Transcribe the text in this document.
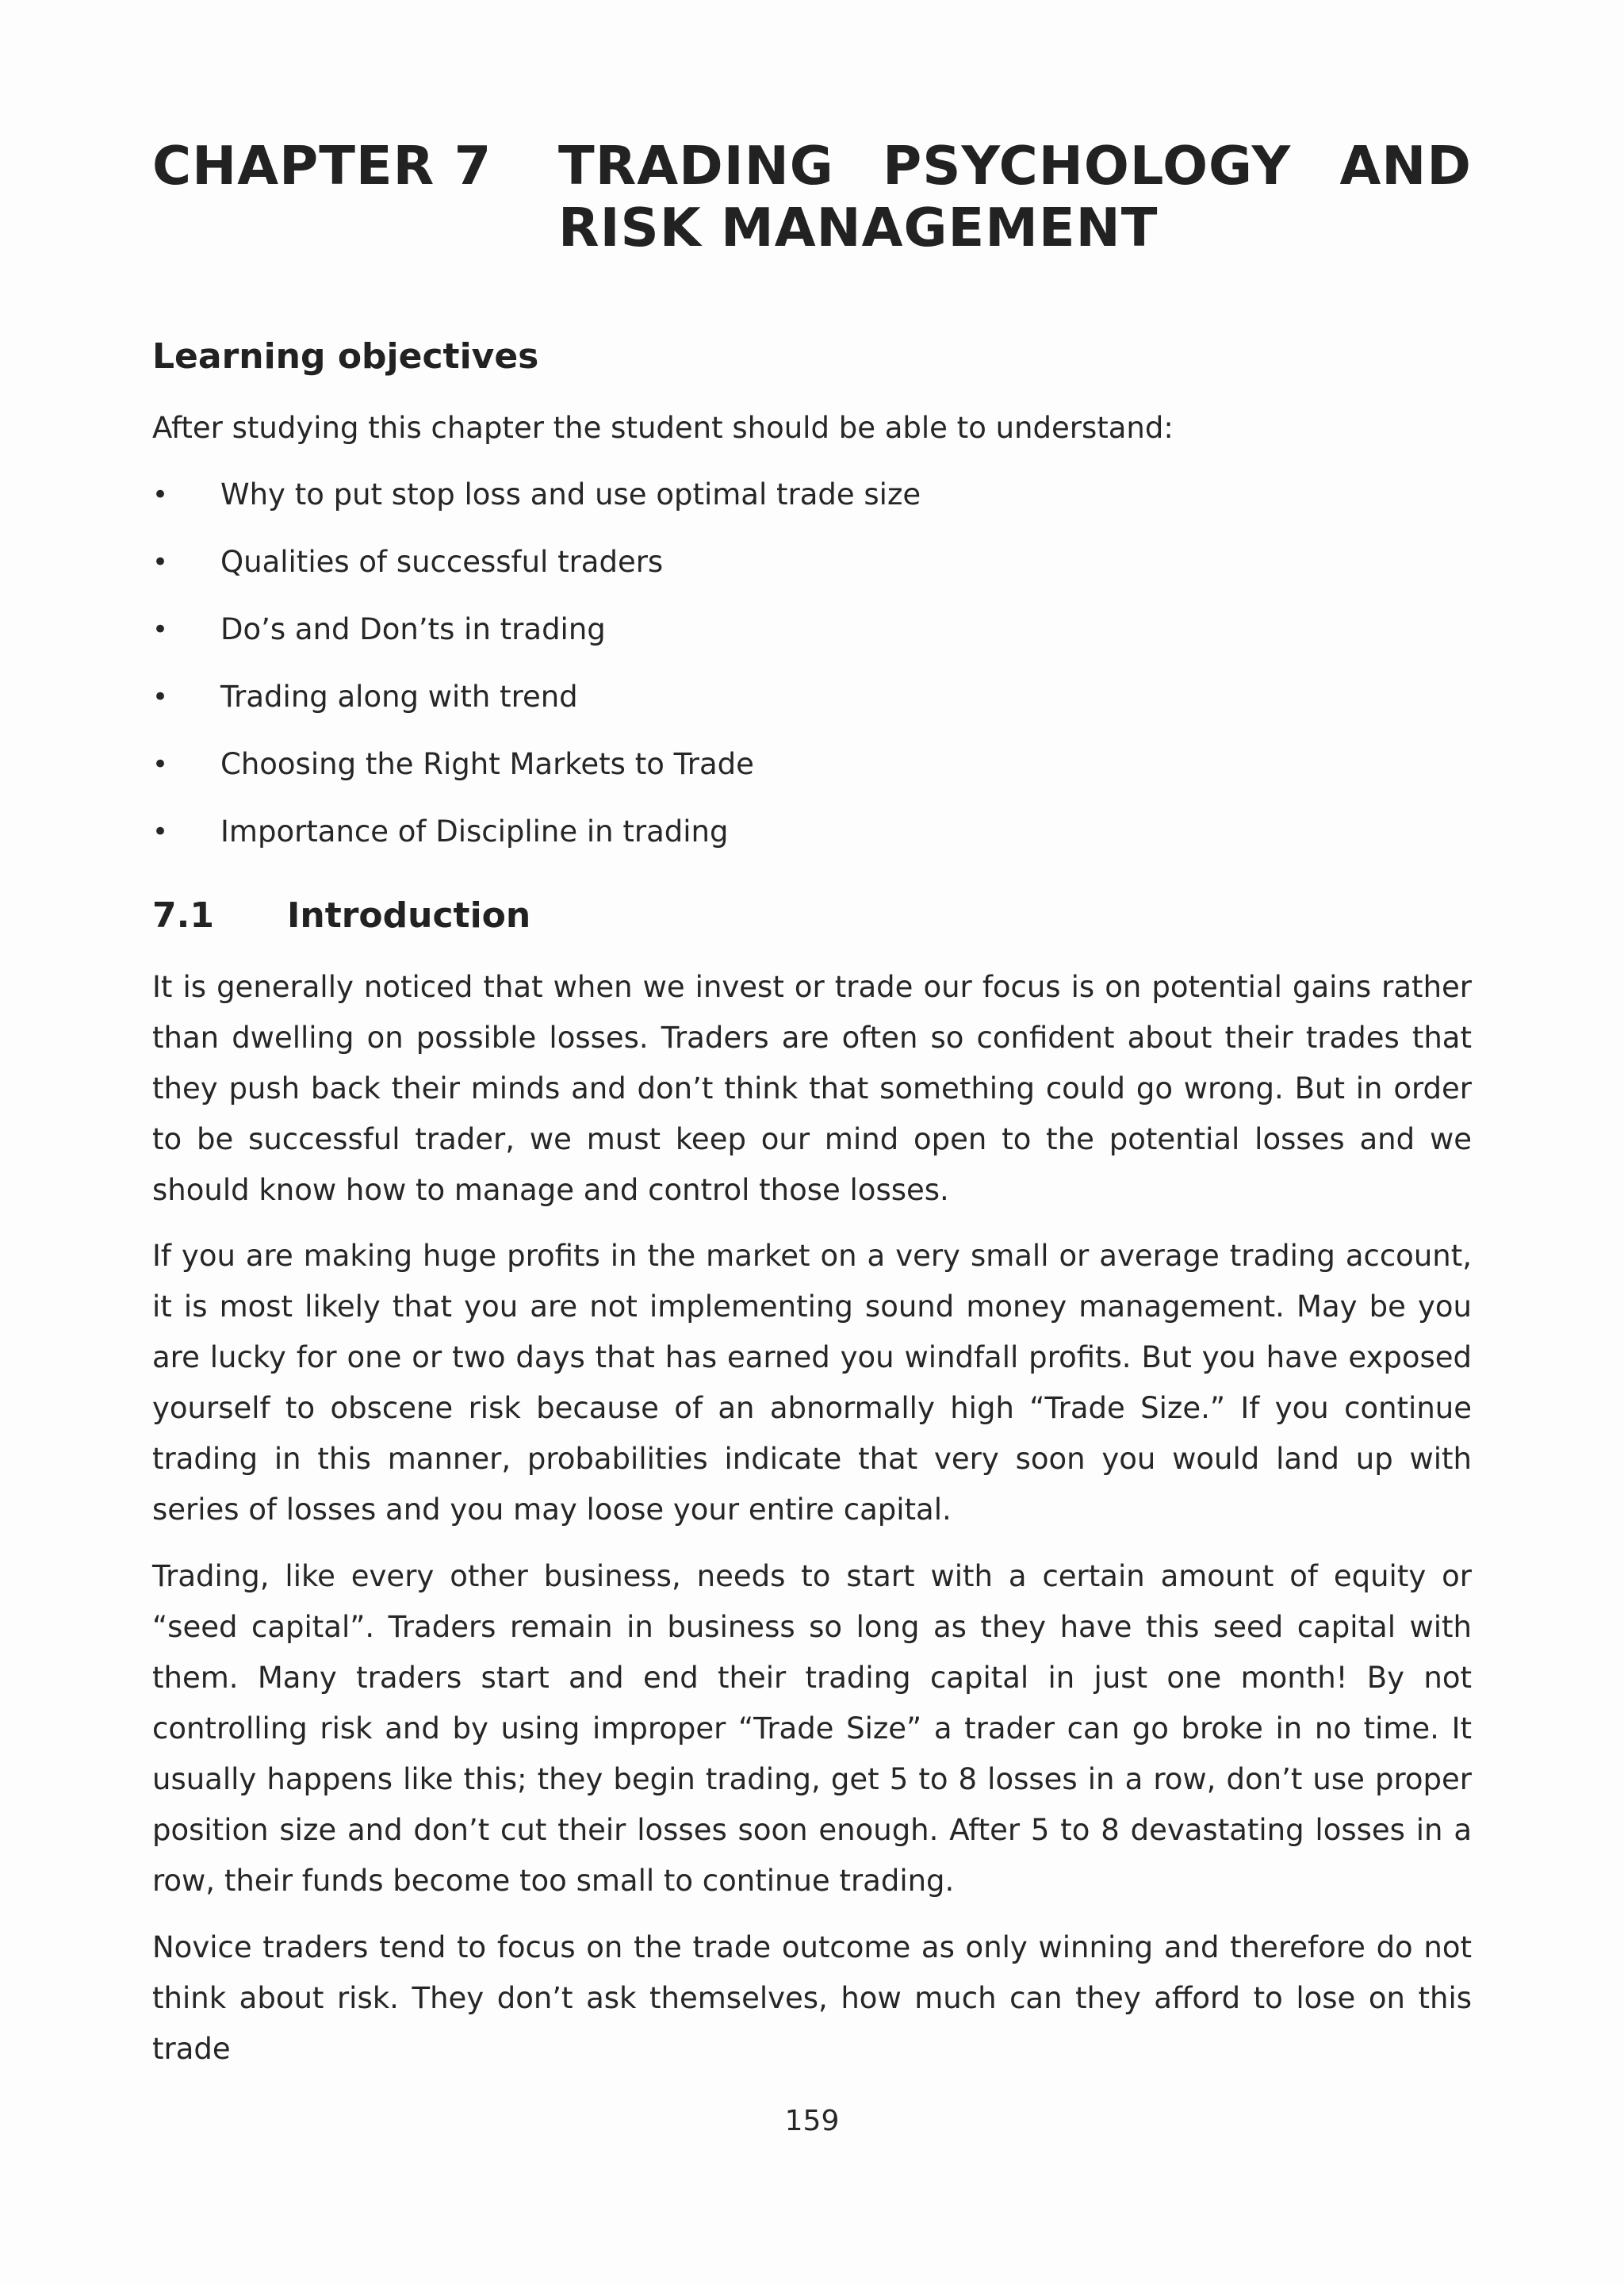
CHAPTER 7 TRADING PSYCHOLOGY AND
RISK MANAGEMENT
Learning objectives
After studying this chapter the student should be able to understand:
• Why to put stop loss and use optimal trade size
• Qualities of successful traders
• Do’s and Don’ts in trading
• Trading along with trend
• Choosing the Right Markets to Trade
• Importance of Discipline in trading
7.1 Introduction
It is generally noticed that when we invest or trade our focus is on potential gains rather than dwelling on possible losses. Traders are often so confident about their trades that they push back their minds and don’t think that something could go wrong. But in order to be successful trader, we must keep our mind open to the potential losses and we should know how to manage and control those losses.
If you are making huge profits in the market on a very small or average trading account, it is most likely that you are not implementing sound money management. May be you are lucky for one or two days that has earned you windfall profits. But you have exposed yourself to obscene risk because of an abnormally high “Trade Size.” If you continue trading in this manner, probabilities indicate that very soon you would land up with series of losses and you may loose your entire capital.
Trading, like every other business, needs to start with a certain amount of equity or “seed capital”. Traders remain in business so long as they have this seed capital with them. Many traders start and end their trading capital in just one month! By not controlling risk and by using improper “Trade Size” a trader can go broke in no time. It usually happens like this; they begin trading, get 5 to 8 losses in a row, don’t use proper position size and don’t cut their losses soon enough. After 5 to 8 devastating losses in a row, their funds become too small to continue trading.
Novice traders tend to focus on the trade outcome as only winning and therefore do not think about risk. They don’t ask themselves, how much can they afford to lose on this trade
159
